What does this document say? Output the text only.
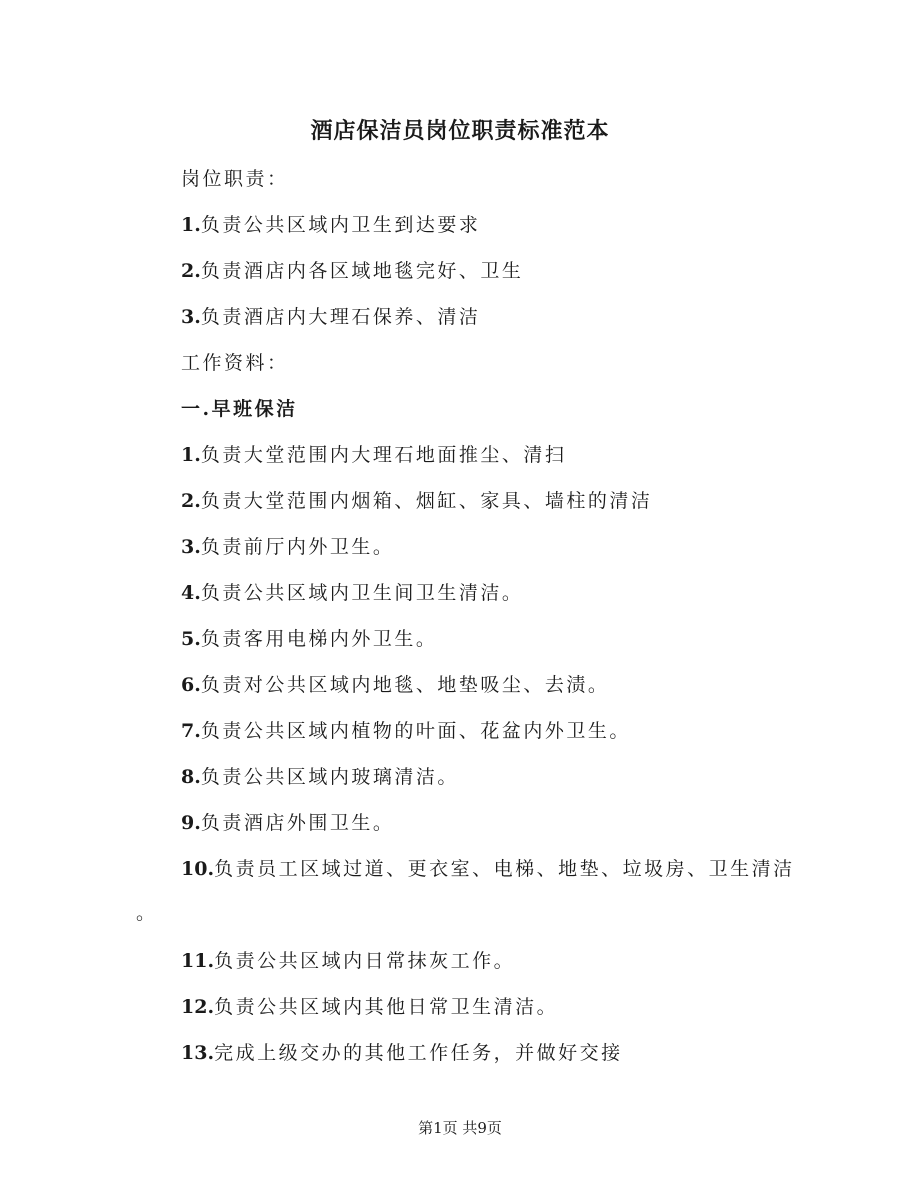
酒店保洁员岗位职责标准范本
岗位职责：
1.负责公共区域内卫生到达要求
2.负责酒店内各区域地毯完好、卫生
3.负责酒店内大理石保养、清洁
工作资料：
一.早班保洁
1.负责大堂范围内大理石地面推尘、清扫
2.负责大堂范围内烟箱、烟缸、家具、墙柱的清洁
3.负责前厅内外卫生。
4.负责公共区域内卫生间卫生清洁。
5.负责客用电梯内外卫生。
6.负责对公共区域内地毯、地垫吸尘、去渍。
7.负责公共区域内植物的叶面、花盆内外卫生。
8.负责公共区域内玻璃清洁。
9.负责酒店外围卫生。
10.负责员工区域过道、更衣室、电梯、地垫、垃圾房、卫生清洁
。
11.负责公共区域内日常抹灰工作。
12.负责公共区域内其他日常卫生清洁。
13.完成上级交办的其他工作任务，并做好交接
第1页 共9页
